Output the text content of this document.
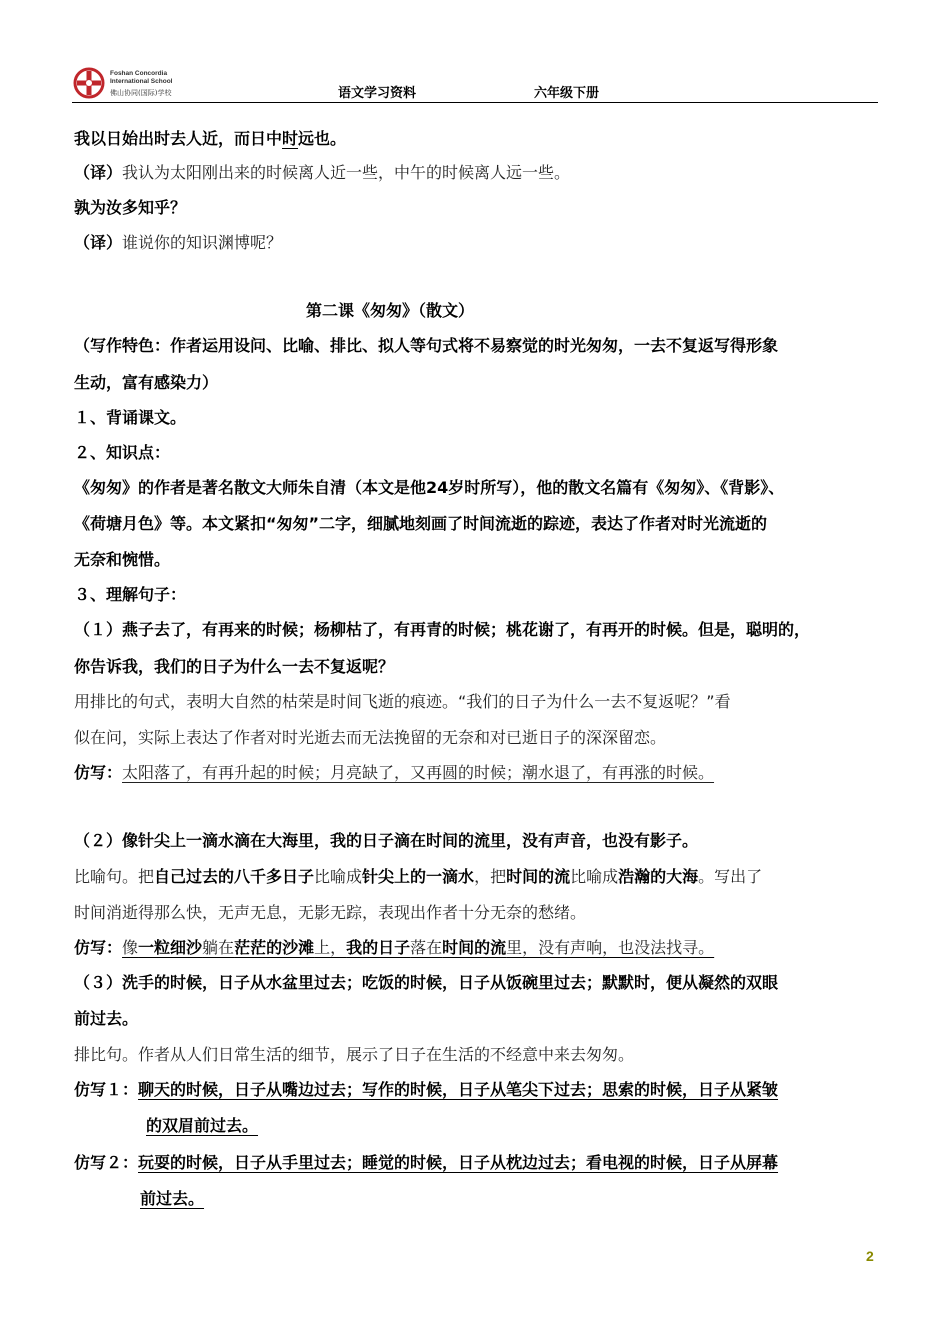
Foshan Concordia
International School
佛山协同(国际)学校	语文学习资料	六年级下册
我以日始出时去人近，而日中时远也。
（译）我认为太阳刚出来的时候离人近一些，中午的时候离人远一些。
孰为汝多知乎？
（译）谁说你的知识渊博呢？
第二课《匆匆》（散文）
（写作特色：作者运用设问、比喻、排比、拟人等句式将不易察觉的时光匆匆，一去不复返写得形象
生动，富有感染力）
１、背诵课文。
２、知识点：
《匆匆》的作者是著名散文大师朱自清（本文是他24岁时所写），他的散文名篇有《匆匆》、《背影》、
《荷塘月色》等。本文紧扣“匆匆”二字，细腻地刻画了时间流逝的踪迹，表达了作者对时光流逝的
无奈和惋惜。
３、理解句子：
（１）燕子去了，有再来的时候；杨柳枯了，有再青的时候；桃花谢了，有再开的时候。但是，聪明的，
你告诉我，我们的日子为什么一去不复返呢？
用排比的句式，表明大自然的枯荣是时间飞逝的痕迹。“我们的日子为什么一去不复返呢？”看
似在问，实际上表达了作者对时光逝去而无法挽留的无奈和对已逝日子的深深留恋。
仿写：太阳落了，有再升起的时候；月亮缺了，又再圆的时候；潮水退了，有再涨的时候。
（２）像针尖上一滴水滴在大海里，我的日子滴在时间的流里，没有声音，也没有影子。
比喻句。把自己过去的八千多日子比喻成针尖上的一滴水，把时间的流比喻成浩瀚的大海。写出了
时间消逝得那么快，无声无息，无影无踪，表现出作者十分无奈的愁绪。
仿写：像一粒细沙躺在茫茫的沙滩上，我的日子落在时间的流里，没有声响，也没法找寻。
（３）洗手的时候，日子从水盆里过去；吃饭的时候，日子从饭碗里过去；默默时，便从凝然的双眼
前过去。
排比句。作者从人们日常生活的细节，展示了日子在生活的不经意中来去匆匆。
仿写１：聊天的时候，日子从嘴边过去；写作的时候，日子从笔尖下过去；思索的时候，日子从紧皱
的双眉前过去。
仿写２：玩耍的时候，日子从手里过去；睡觉的时候，日子从枕边过去；看电视的时候，日子从屏幕
前过去。
2
